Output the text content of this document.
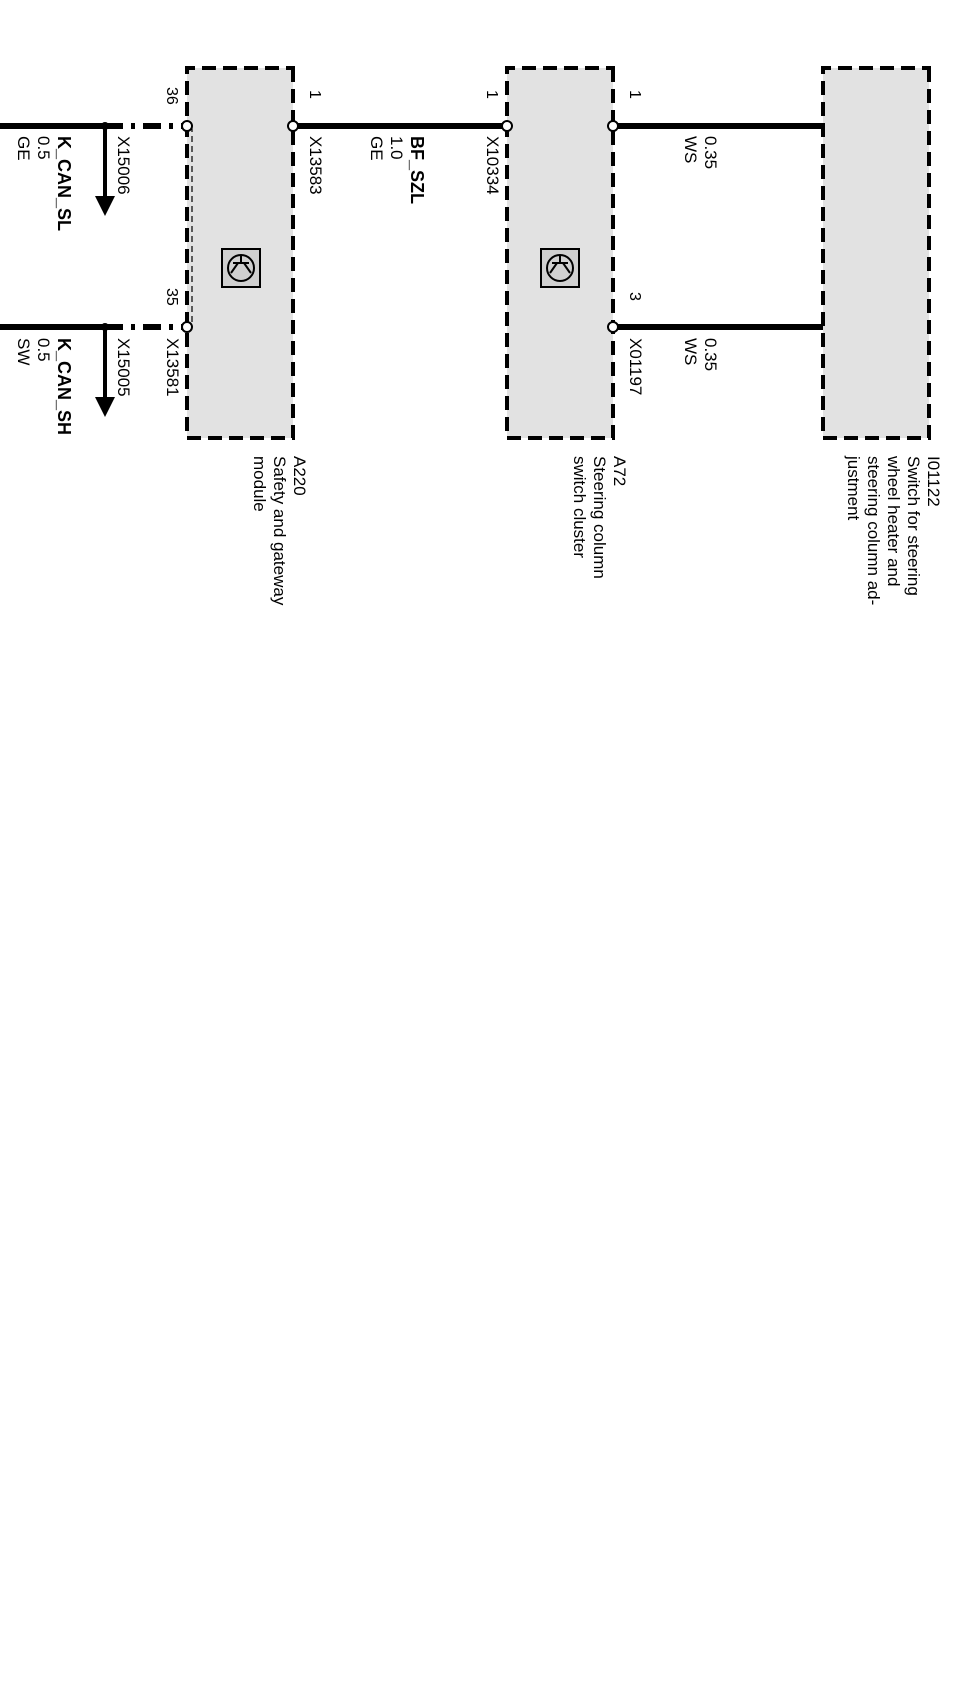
36
35
1	1	1
3
X15006
X15005
X13583
X13581
X10334
X01197
K_CAN_SL
0.5
GE
K_CAN_SH
0.5
SW
BF_SZL
1.0
GE	0.35
WS
0.35
WS
A220
Safety and gateway
module	A72
Steering column
switch cluster	I01122
Switch for steering
wheel heater and
steering column ad-
justment
